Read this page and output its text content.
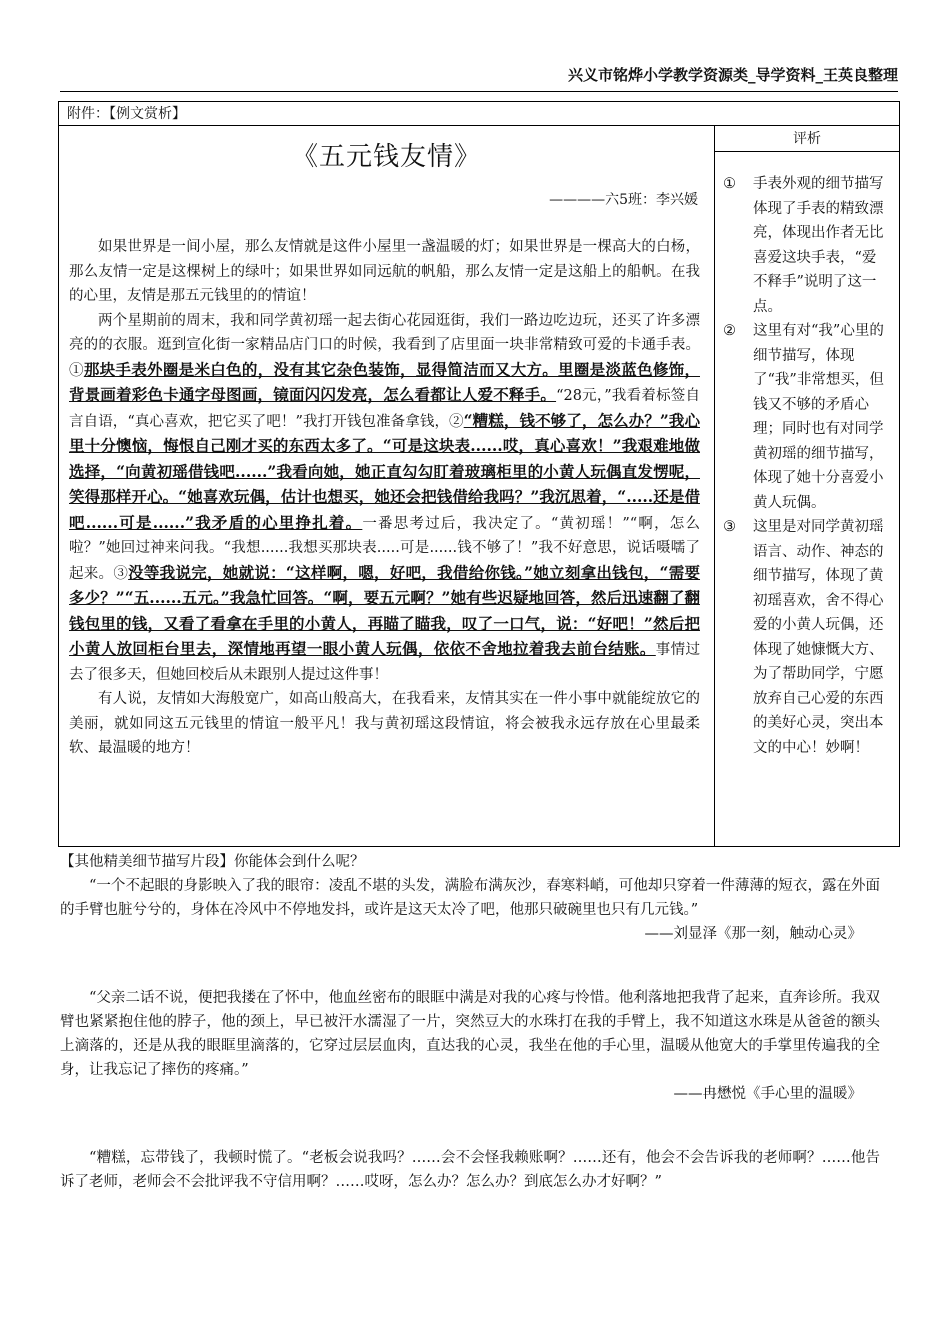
兴义市铭烨小学教学资源类_导学资料_王英良整理
附件：【例文赏析】
《五元钱友情》
————六5班：李兴媛

如果世界是一间小屋，那么友情就是这件小屋里一盏温暖的灯；如果世界是一棵高大的白杨，那么友情一定是这棵树上的绿叶；如果世界如同远航的帆船，那么友情一定是这船上的船帆。在我的心里，友情是那五元钱里的的情谊！

两个星期前的周末，我和同学黄初瑶一起去街心花园逛街，我们一路边吃边玩，还买了许多漂亮的的衣服。逛到宣化街一家精品店门口的时候，我看到了店里面一块非常精致可爱的卡通手表。①那块手表外圈是米白色的，没有其它杂色装饰，显得简洁而又大方。里圈是淡蓝色修饰，背景画着彩色卡通字母图画，镜面闪闪发亮，怎么看都让人爱不释手。“28元，”我看着标签自言自语，“真心喜欢，把它买了吧！”我打开钱包准备拿钱，②“糟糕，钱不够了，怎么办？”我心里十分懊恼，悔恨自己刚才买的东西太多了。“可是这块表......哎，真心喜欢！”我艰难地做选择，“向黄初瑶借钱吧......”我看向她，她正直勾勾盯着玻璃柜里的小黄人玩偶直发愣呢，笑得那样开心。“她喜欢玩偶，估计也想买，她还会把钱借给我吗？”我沉思着，“.....还是借吧......可是......”我矛盾的心里挣扎着。一番思考过后，我决定了。“黄初瑶！”“啊，怎么啦？”她回过神来问我。“我想......我想买那块表.....可是......钱不够了！”我不好意思，说话嗫嚅了起来。③没等我说完，她就说：“这样啊，嗯，好吧，我借给你钱。”她立刻拿出钱包，“需要多少？”“五......五元。”我急忙回答。“啊，要五元啊？”她有些迟疑地回答，然后迅速翻了翻钱包里的钱，又看了看拿在手里的小黄人，再瞄了瞄我，叹了一口气，说：“好吧！”然后把小黄人放回柜台里去，深情地再望一眼小黄人玩偶，依依不舍地拉着我去前台结账。事情过去了很多天，但她回校后从未跟别人提过这件事！

有人说，友情如大海般宽广，如高山般高大，在我看来，友情其实在一件小事中就能绽放它的美丽，就如同这五元钱里的情谊一般平凡！我与黄初瑶这段情谊，将会被我永远存放在心里最柔软、最温暖的地方！

评析
① 手表外观的细节描写体现了手表的精致漂亮，体现出作者无比喜爱这块手表，“爱不释手”说明了这一点。
② 这里有对“我”心里的细节描写，体现了“我”非常想买，但钱又不够的矛盾心理；同时也有对同学黄初瑶的细节描写，体现了她十分喜爱小黄人玩偶。
③ 这里是对同学黄初瑶语言、动作、神态的细节描写，体现了黄初瑶喜欢，舍不得心爱的小黄人玩偶，还体现了她慷慨大方、为了帮助同学，宁愿放弃自己心爱的东西的美好心灵，突出本文的中心！妙啊！

【其他精美细节描写片段】你能体会到什么呢？

“一个不起眼的身影映入了我的眼帘：凌乱不堪的头发，满脸布满灰沙，春寒料峭，可他却只穿着一件薄薄的短衣，露在外面的手臂也脏兮兮的，身体在冷风中不停地发抖，或许是这天太冷了吧，他那只破碗里也只有几元钱。”

——刘显泽《那一刻，触动心灵》

“父亲二话不说，便把我搂在了怀中，他血丝密布的眼眶中满是对我的心疼与怜惜。他利落地把我背了起来，直奔诊所。我双臂也紧紧抱住他的脖子，他的颈上，早已被汗水濡湿了一片，突然豆大的水珠打在我的手臂上，我不知道这水珠是从爸爸的额头上滴落的，还是从我的眼眶里滴落的，它穿过层层血肉，直达我的心灵，我坐在他的手心里，温暖从他宽大的手掌里传遍我的全身，让我忘记了摔伤的疼痛。”

——冉懋悦《手心里的温暖》

“糟糕，忘带钱了，我顿时慌了。“老板会说我吗？……会不会怪我赖账啊？……还有，他会不会告诉我的老师啊？……他告诉了老师，老师会不会批评我不守信用啊？……哎呀，怎么办？怎么办？到底怎么办才好啊？”
